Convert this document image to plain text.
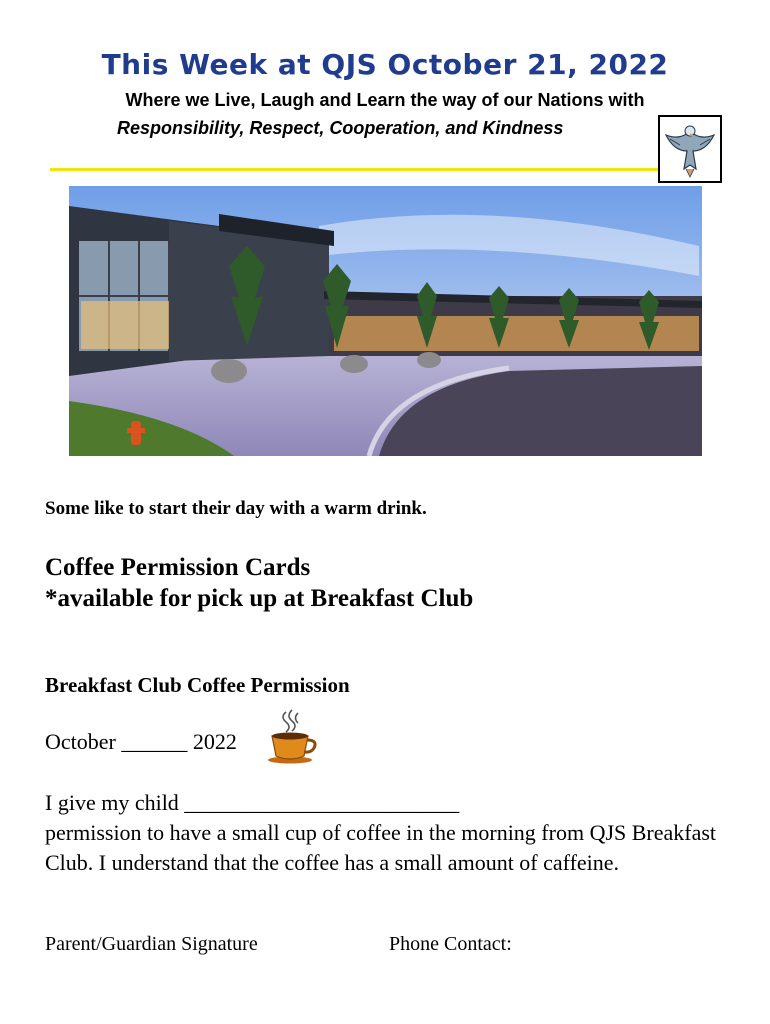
This Week at QJS October 21, 2022

Where we Live, Laugh and Learn the way of our Nations with

Responsibility, Respect, Cooperation, and Kindness

Some like to start their day with a warm drink.

Coffee Permission Cards
*available for pick up at Breakfast Club

Breakfast Club Coffee Permission

October ______ 2022

I give my child _________________________
permission to have a small cup of coffee in the morning from QJS Breakfast Club. I understand that the coffee has a small amount of caffeine.

Parent/Guardian Signature	Phone Contact:
